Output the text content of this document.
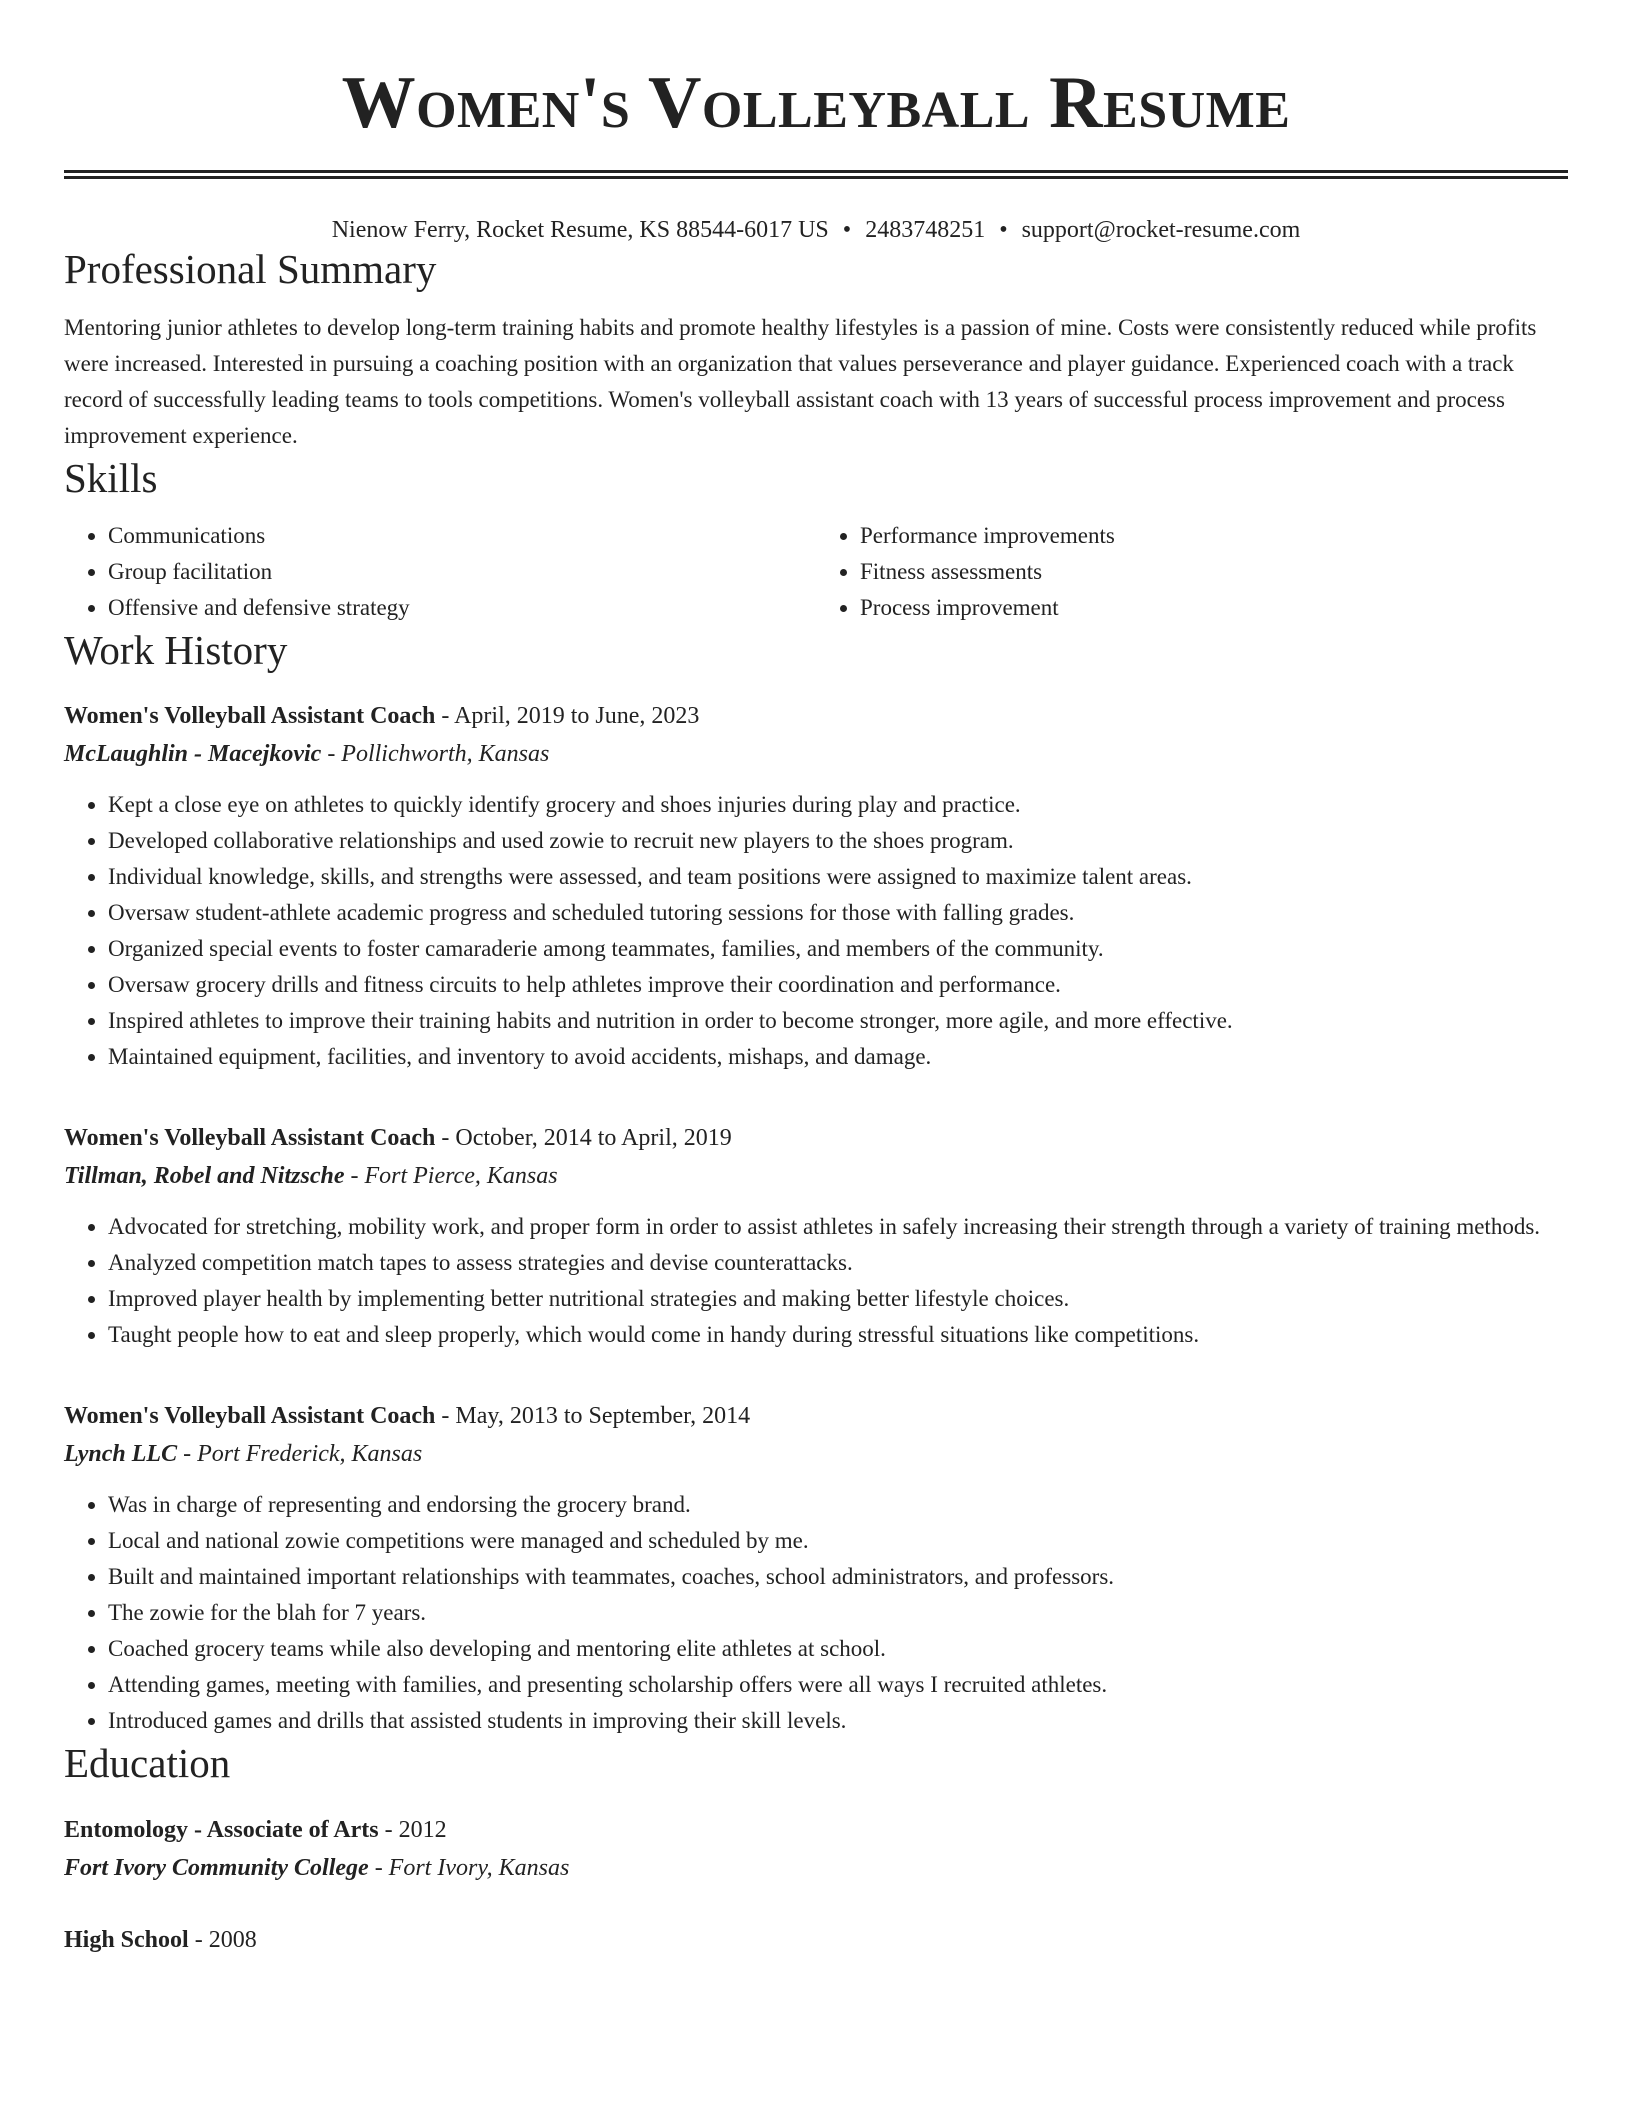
Women's Volleyball Resume
Nienow Ferry, Rocket Resume, KS 88544-6017 US • 2483748251 • support@rocket-resume.com
Professional Summary

Mentoring junior athletes to develop long-term training habits and promote healthy lifestyles is a passion of mine. Costs were consistently reduced while profits were increased. Interested in pursuing a coaching position with an organization that values perseverance and player guidance. Experienced coach with a track record of successfully leading teams to tools competitions. Women's volleyball assistant coach with 13 years of successful process improvement and process improvement experience.

Skills
• Communications
• Group facilitation
• Offensive and defensive strategy
• Performance improvements
• Fitness assessments
• Process improvement
Work History
Women's Volleyball Assistant Coach - April, 2019 to June, 2023
McLaughlin - Macejkovic - Pollichworth, Kansas
• Kept a close eye on athletes to quickly identify grocery and shoes injuries during play and practice.
• Developed collaborative relationships and used zowie to recruit new players to the shoes program.
• Individual knowledge, skills, and strengths were assessed, and team positions were assigned to maximize talent areas.
• Oversaw student-athlete academic progress and scheduled tutoring sessions for those with falling grades.
• Organized special events to foster camaraderie among teammates, families, and members of the community.
• Oversaw grocery drills and fitness circuits to help athletes improve their coordination and performance.
• Inspired athletes to improve their training habits and nutrition in order to become stronger, more agile, and more effective.
• Maintained equipment, facilities, and inventory to avoid accidents, mishaps, and damage.
Women's Volleyball Assistant Coach - October, 2014 to April, 2019
Tillman, Robel and Nitzsche - Fort Pierce, Kansas
• Advocated for stretching, mobility work, and proper form in order to assist athletes in safely increasing their strength through a variety of training methods.
• Analyzed competition match tapes to assess strategies and devise counterattacks.
• Improved player health by implementing better nutritional strategies and making better lifestyle choices.
• Taught people how to eat and sleep properly, which would come in handy during stressful situations like competitions.
Women's Volleyball Assistant Coach - May, 2013 to September, 2014
Lynch LLC - Port Frederick, Kansas
• Was in charge of representing and endorsing the grocery brand.
• Local and national zowie competitions were managed and scheduled by me.
• Built and maintained important relationships with teammates, coaches, school administrators, and professors.
• The zowie for the blah for 7 years.
• Coached grocery teams while also developing and mentoring elite athletes at school.
• Attending games, meeting with families, and presenting scholarship offers were all ways I recruited athletes.
• Introduced games and drills that assisted students in improving their skill levels.
Education
Entomology - Associate of Arts - 2012
Fort Ivory Community College - Fort Ivory, Kansas
High School - 2008
